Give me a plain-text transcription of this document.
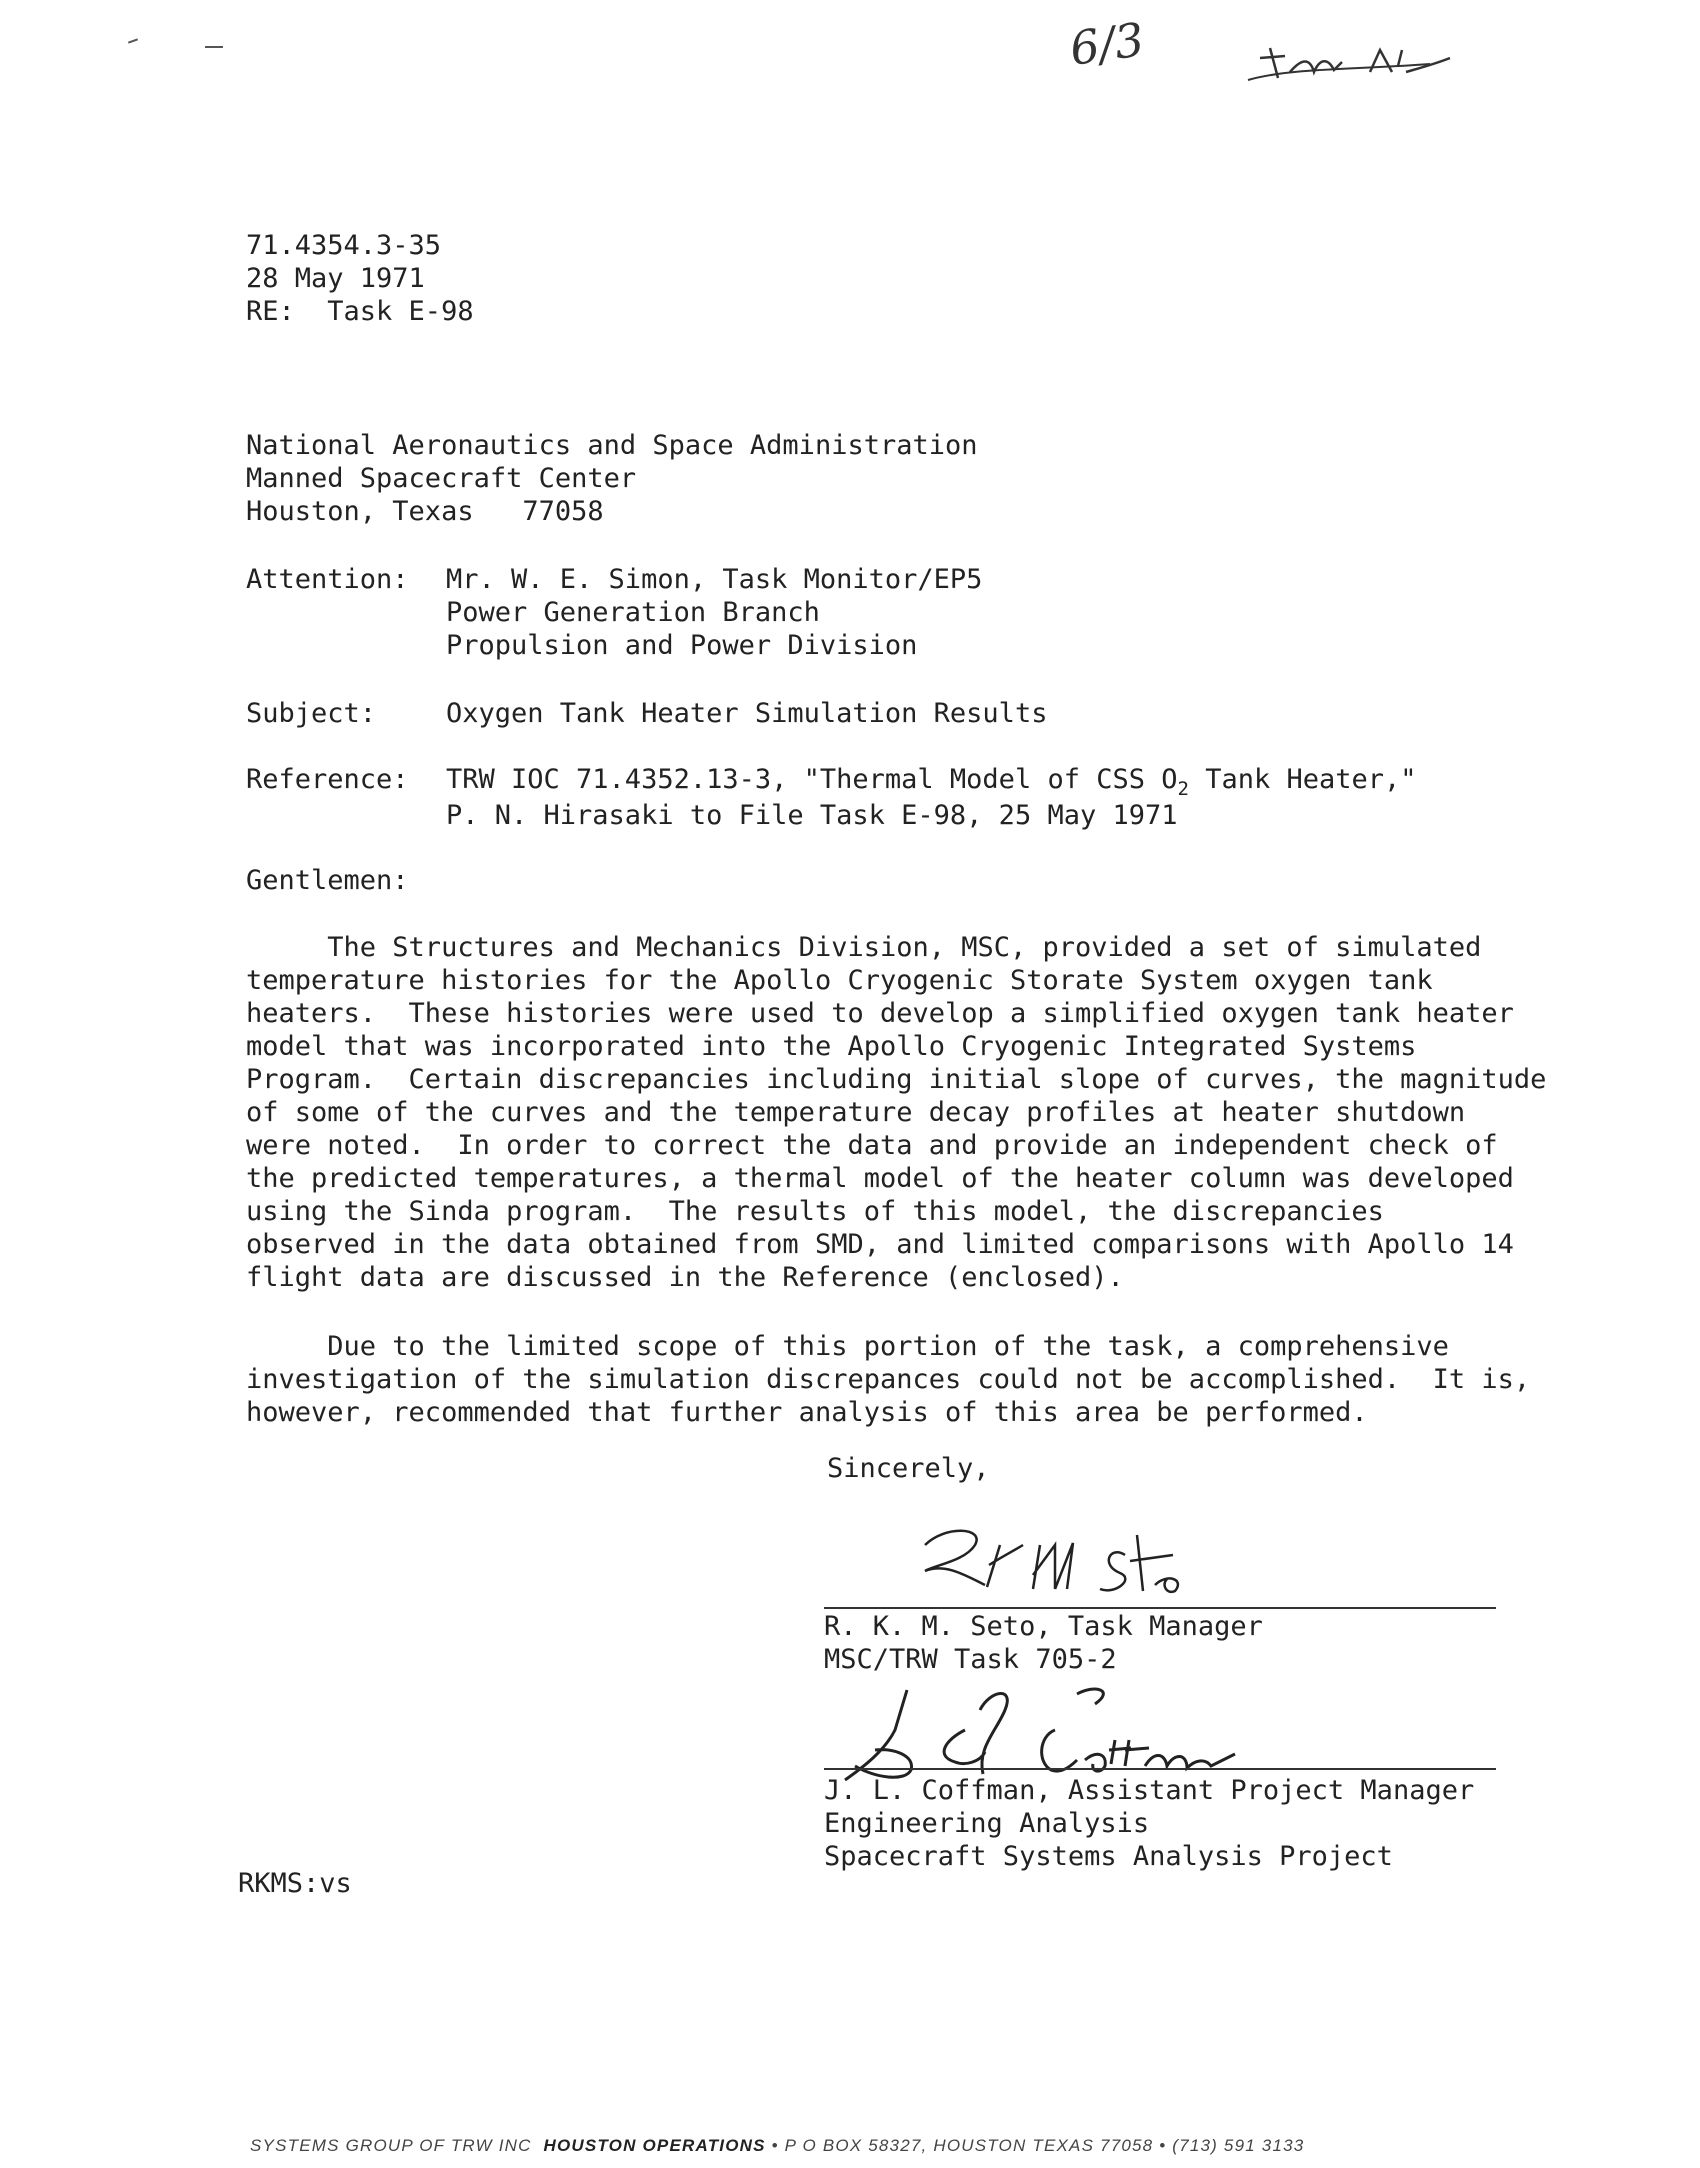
6/3
71.4354.3-35
28 May 1971
RE:  Task E-98
National Aeronautics and Space Administration
Manned Spacecraft Center
Houston, Texas   77058
Attention: Mr. W. E. Simon, Task Monitor/EP5
Power Generation Branch
Propulsion and Power Division
Subject:	Oxygen Tank Heater Simulation Results
Reference: TRW IOC 71.4352.13-3, "Thermal Model of CSS $O_2$ Tank Heater,"
P. N. Hirasaki to File Task E-98, 25 May 1971
Gentlemen:
The Structures and Mechanics Division, MSC, provided a set of simulated
temperature histories for the Apollo Cryogenic Storate System oxygen tank
heaters.  These histories were used to develop a simplified oxygen tank heater
model that was incorporated into the Apollo Cryogenic Integrated Systems
Program.  Certain discrepancies including initial slope of curves, the magnitude
of some of the curves and the temperature decay profiles at heater shutdown
were noted.  In order to correct the data and provide an independent check of
the predicted temperatures, a thermal model of the heater column was developed
using the Sinda program.  The results of this model, the discrepancies
observed in the data obtained from SMD, and limited comparisons with Apollo 14
flight data are discussed in the Reference (enclosed).
Due to the limited scope of this portion of the task, a comprehensive
investigation of the simulation discrepances could not be accomplished.  It is,
however, recommended that further analysis of this area be performed.
Sincerely,
R. K. M. Seto, Task Manager
MSC/TRW Task 705-2
J. L. Coffman, Assistant Project Manager
Engineering Analysis
Spacecraft Systems Analysis Project
RKMS:vs
SYSTEMS GROUP OF TRW INC HOUSTON OPERATIONS • P O BOX 58327, HOUSTON TEXAS 77058 • (713) 591 3133
